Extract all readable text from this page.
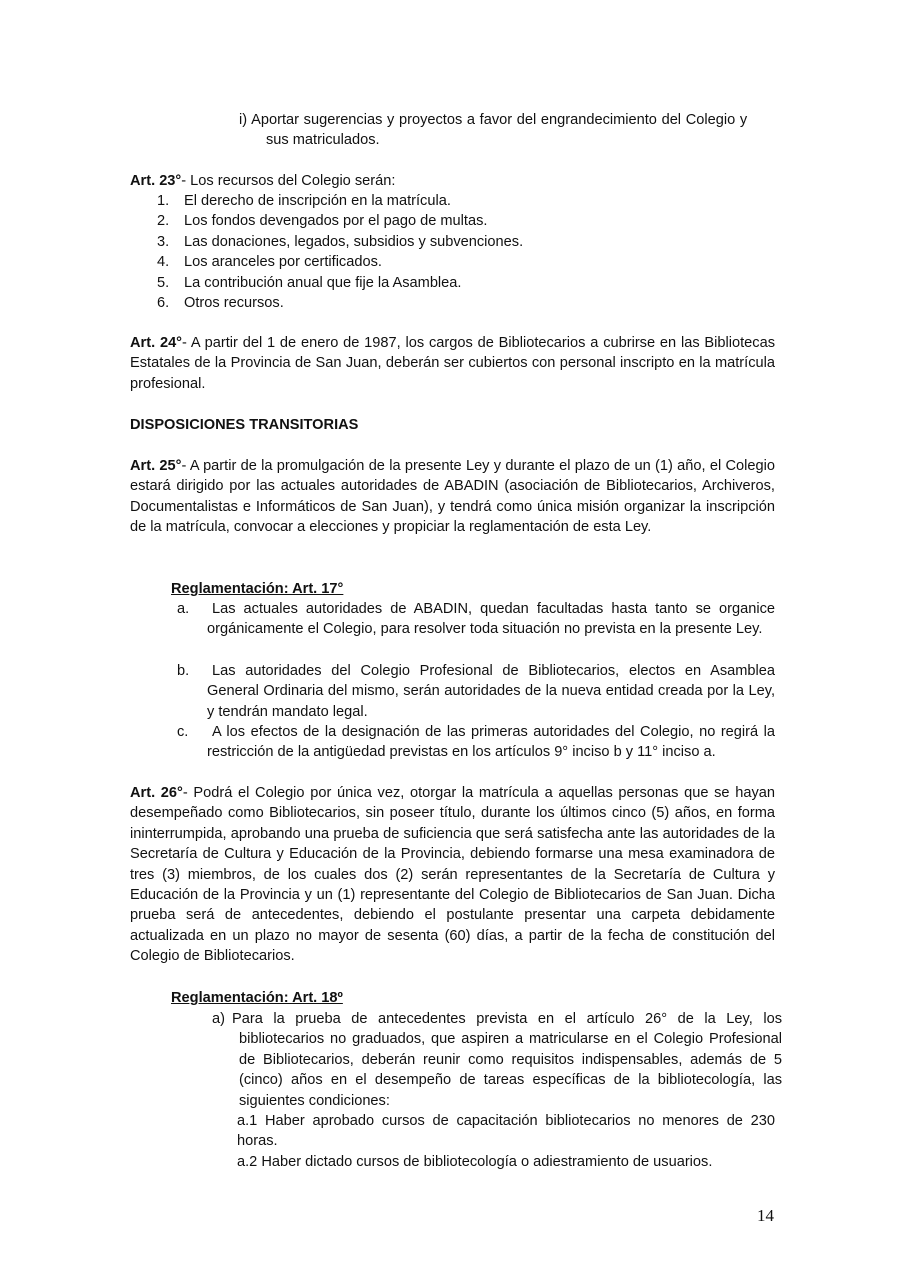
i) Aportar sugerencias y proyectos a favor del engrandecimiento del Colegio y
sus matriculados.
Art. 23°- Los recursos del Colegio serán:
1. El derecho de inscripción en la matrícula.
2. Los fondos devengados por el pago de multas.
3. Las donaciones, legados, subsidios y subvenciones.
4. Los aranceles por certificados.
5. La contribución anual que fije la Asamblea.
6. Otros recursos.

Art. 24°- A partir del 1 de enero de 1987, los cargos de Bibliotecarios a cubrirse en las Bibliotecas Estatales de la Provincia de San Juan, deberán ser cubiertos con personal inscripto en la matrícula profesional.

DISPOSICIONES TRANSITORIAS

Art. 25°- A partir de la promulgación de la presente Ley y durante el plazo de un (1) año, el Colegio estará dirigido por las actuales autoridades de ABADIN (asociación de Bibliotecarios, Archiveros, Documentalistas e Informáticos de San Juan), y tendrá como única misión organizar la inscripción de la matrícula, convocar a elecciones y propiciar la reglamentación de esta Ley.

Reglamentación: Art. 17°
a.	Las actuales autoridades de ABADIN, quedan facultadas hasta tanto se organice orgánicamente el Colegio, para resolver toda situación no prevista en la presente Ley.
b.	Las autoridades del Colegio Profesional de Bibliotecarios, electos en Asamblea General Ordinaria del mismo, serán autoridades de la nueva entidad creada por la Ley, y tendrán mandato legal.
c.	A los efectos de la designación de las primeras autoridades del Colegio, no regirá la restricción de la antigüedad previstas en los artículos 9° inciso b y 11° inciso a.

Art. 26°- Podrá el Colegio por única vez, otorgar la matrícula a aquellas personas que se hayan desempeñado como Bibliotecarios, sin poseer título, durante los últimos cinco (5) años, en forma ininterrumpida, aprobando una prueba de suficiencia que será satisfecha ante las autoridades de la Secretaría de Cultura y Educación de la Provincia, debiendo formarse una mesa examinadora de tres (3) miembros, de los cuales dos (2) serán representantes de la Secretaría de Cultura y Educación de la Provincia y un (1) representante del Colegio de Bibliotecarios de San Juan. Dicha prueba será de antecedentes, debiendo el postulante presentar una carpeta debidamente actualizada en un plazo no mayor de sesenta (60) días, a partir de la fecha de constitución del Colegio de Bibliotecarios.

Reglamentación: Art. 18º
a) Para la prueba de antecedentes prevista en el artículo 26° de la Ley, los bibliotecarios no graduados, que aspiren a matricularse en el Colegio Profesional de Bibliotecarios, deberán reunir como requisitos indispensables, además de 5 (cinco) años en el desempeño de tareas específicas de la bibliotecología, las siguientes condiciones:
a.1 Haber aprobado cursos de capacitación bibliotecarios no menores de 230 horas.
a.2 Haber dictado cursos de bibliotecología o adiestramiento de usuarios.
14
